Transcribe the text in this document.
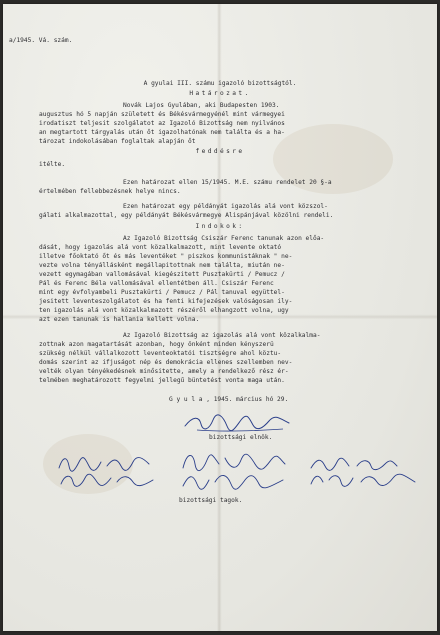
a/1945. Vá. szám.
A gyulai III. számu igazoló bizottságtól.
Határozat.
Novák Lajos Gyulában, aki Budapesten 1903.
augusztus hó 5 napján született és Békésvármegyénél mint vármegyei
irodatiszt teljesit szolgálatot az Igazoló Bizottság nem nyilvános
an megtartott tárgyalás után őt igazolhatónak nem találta és a ha-
tározat indokolásában foglaltak alapján őt
feddésre
itélte.
Ezen határozat ellen 15/1945. M.E. számu rendelet 20 §-a
értelmében fellebbezésnek helye nincs.
Ezen határozat egy példányát igazolás alá vont közszol-
gálati alkalmazottal, egy példányát Békésvármegye Alispánjával közölni rendeli.
Indokok:
Az Igazoló Bizottság Csiszár Ferenc tanunak azon előa-
dását, hogy igazolás alá vont közalkalmazott, mint levente oktató
illetve főoktató őt és más leventéket " piszkos kommunistáknak " ne-
vezte volna tényállásként megállapitottnak nem találta, miután ne-
vezett egymagában vallomásával kiegészitett Pusztakürti / Pemucz /
Pál és Ferenc Béla vallomásával ellentétben áll. Csiszár Ferenc
mint egy évfolyambeli Pusztakürti / Pemucz / Pál tanuval együttel-
jesitett leventeszolgálatot és ha fenti kifejezések valóságosan ily-
ten igazolás alá vont közalkalmazott részéről elhangzott volna, ugy
azt ezen tanunak is hallania kellett volna.
Az Igazoló Bizottság az igazolás alá vont közalkalma-
zottnak azon magatartását azonban, hogy önként minden kényszerü
szükség nélkül vállalkozott leventeoktatói tisztségre ahol köztu-
domás szerint az ifjuságot nép és demokrácia ellenes szellemben nev-
velték olyan tényékedésnek minősitette, amely a rendelkező rész ér-
telmében meghatározott fegyelmi jellegű büntetést vonta maga után.
G y u l a , 1945. március hó 29.
bizottsági elnök.
bizottsági tagok.
